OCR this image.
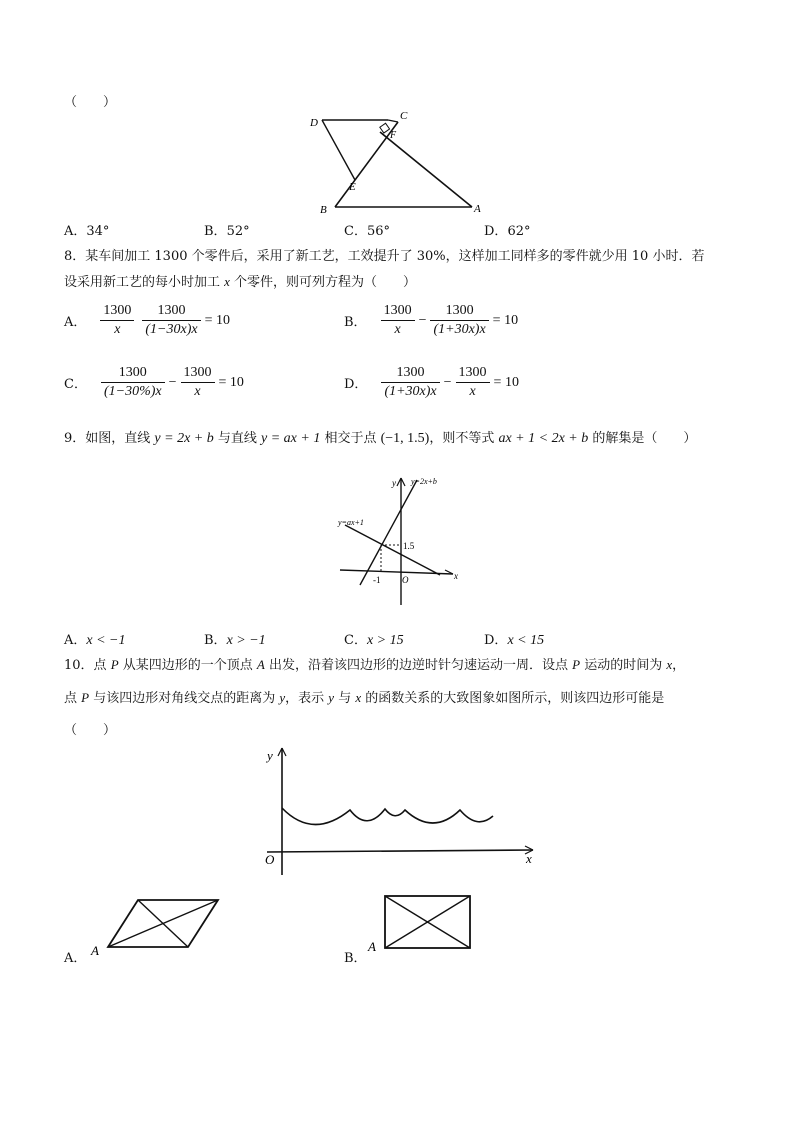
（　　）
D
C
F
E
B	A
A．34°	B．52°	C．56°	D．62°
8．某车间加工 1300 个零件后，采用了新工艺，工效提升了 30%，这样加工同样多的零件就少用 10 小时．若
设采用新工艺的每小时加工 x 个零件，则可列方程为（　　）
A． $\frac{1300}{x} \frac{1300}{(1-30x)x} = 10$	B． $\frac{1300}{x} - \frac{1300}{(1+30x)x} = 10$
C． $\frac{1300}{(1-30\%)x} - \frac{1300}{x} = 10$	D． $\frac{1300}{(1+30x)x} - \frac{1300}{x} = 10$
9．如图，直线 y = 2x + b 与直线 y = ax + 1 相交于点 (−1, 1.5)，则不等式 ax + 1 < 2x + b 的解集是（　　）
y y=2x+b
y=ax+1
1.5
-1 O	x
A．x < −1	B．x > −1	C．x > 15	D．x < 15
10．点 P 从某四边形的一个顶点 A 出发，沿着该四边形的边逆时针匀速运动一周．设点 P 运动的时间为 x，
点 P 与该四边形对角线交点的距离为 y，表示 y 与 x 的函数关系的大致图象如图所示，则该四边形可能是
（　　）
y
O	x
A．
A
B．
A
